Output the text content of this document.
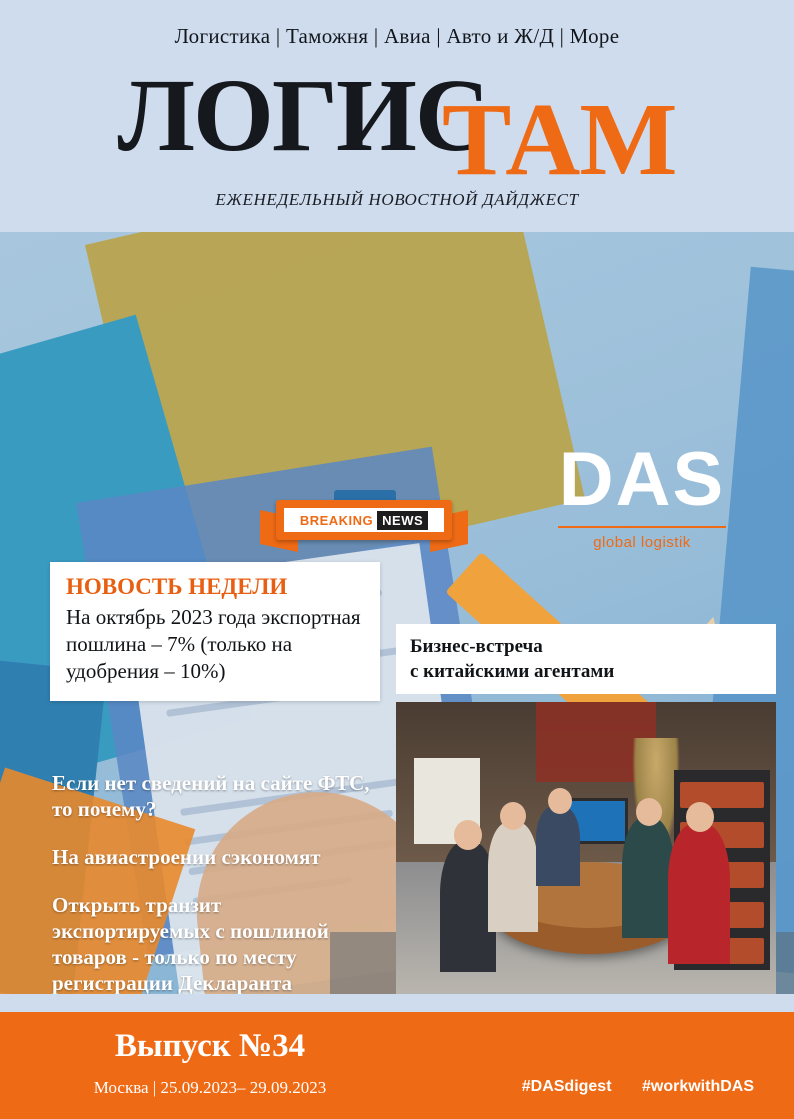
Логистика | Таможня | Авиа | Авто и Ж/Д | Море
ЛОГИСТАМ
ЕЖЕНЕДЕЛЬНЫЙ НОВОСТНОЙ ДАЙДЖЕСТ
BREAKING NEWS
НОВОСТЬ НЕДЕЛИ
На октябрь 2023 года экспортная пошлина – 7% (только на удобрения – 10%)
Если нет сведений на сайте ФТС, то почему?
На авиастроении сэкономят
Открыть транзит экспортируемых с пошлиной товаров - только по месту регистрации Декларанта
DAS
global logistik
Бизнес-встреча
с китайскими агентами
Выпуск №34
Москва | 25.09.2023– 29.09.2023	#DASdigest #workwithDAS
